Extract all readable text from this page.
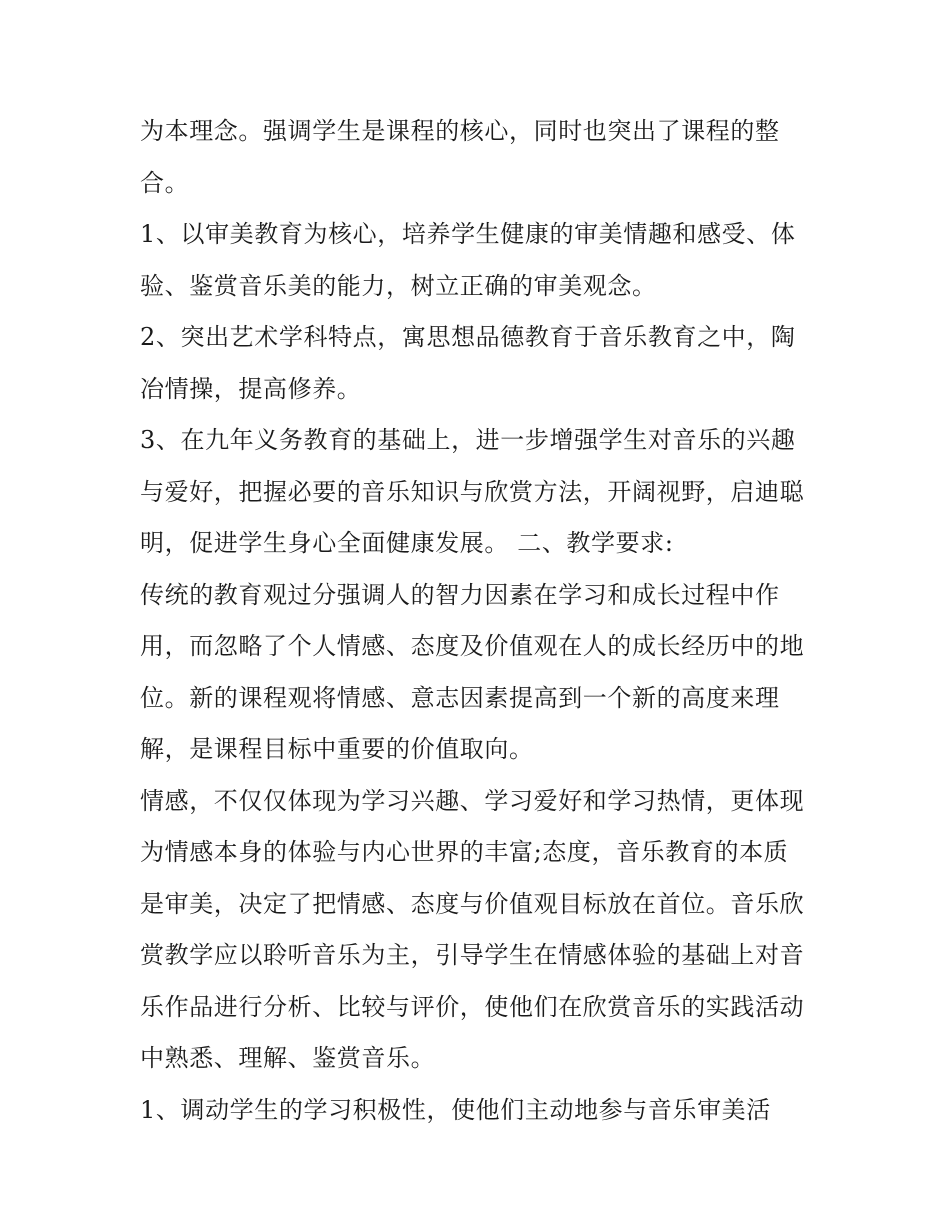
为本理念。强调学生是课程的核心，同时也突出了课程的整
合。
1、以审美教育为核心，培养学生健康的审美情趣和感受、体
验、鉴赏音乐美的能力，树立正确的审美观念。
2、突出艺术学科特点，寓思想品德教育于音乐教育之中，陶
冶情操，提高修养。
3、在九年义务教育的基础上，进一步增强学生对音乐的兴趣
与爱好，把握必要的音乐知识与欣赏方法，开阔视野，启迪聪
明，促进学生身心全面健康发展。 二、教学要求:
传统的教育观过分强调人的智力因素在学习和成长过程中作
用，而忽略了个人情感、态度及价值观在人的成长经历中的地
位。新的课程观将情感、意志因素提高到一个新的高度来理
解，是课程目标中重要的价值取向。
情感，不仅仅体现为学习兴趣、学习爱好和学习热情，更体现
为情感本身的体验与内心世界的丰富;态度，音乐教育的本质
是审美，决定了把情感、态度与价值观目标放在首位。音乐欣
赏教学应以聆听音乐为主，引导学生在情感体验的基础上对音
乐作品进行分析、比较与评价，使他们在欣赏音乐的实践活动
中熟悉、理解、鉴赏音乐。
1、调动学生的学习积极性，使他们主动地参与音乐审美活
